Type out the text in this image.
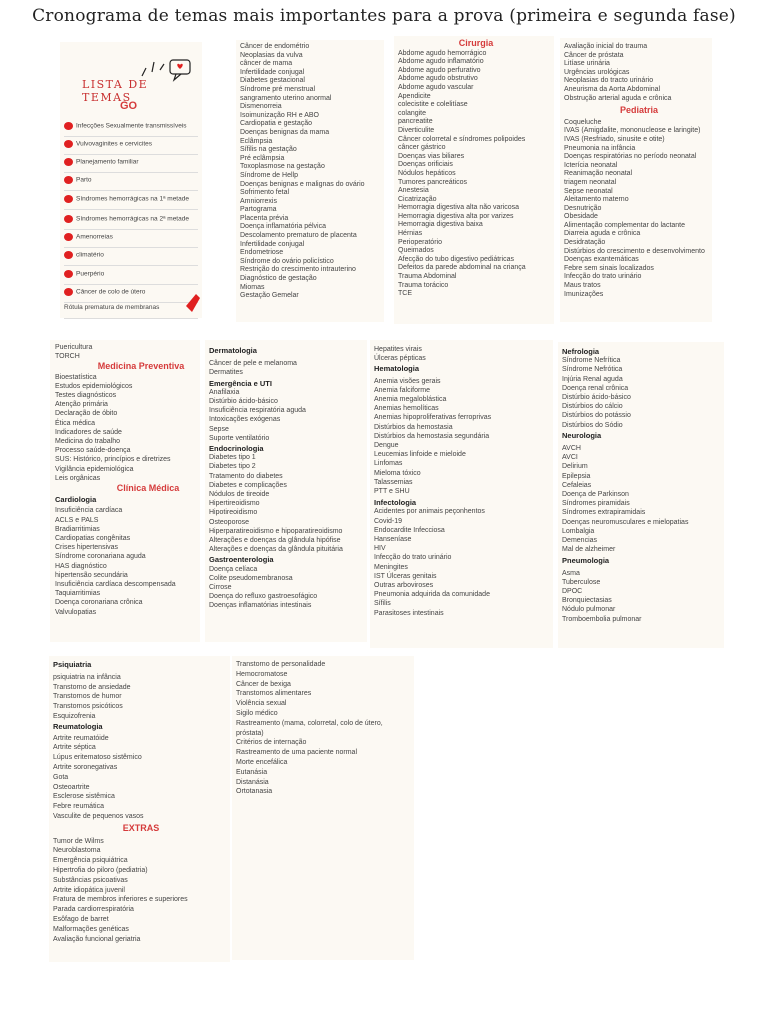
Cronograma de temas mais importantes para a prova (primeira e segunda fase)
LISTA DE TEMAS
GO
Infecções Sexualmente transmissíveis
Vulvovaginites e cervicites
Planejamento familiar
Parto
Síndromes hemorrágicas na 1ª metade
Síndromes hemorrágicas na 2ª metade
Amenorreias
climatério
Puerpério
Câncer de colo de útero
Rótula prematura de membranas
Câncer de endométrio
Neoplasias da vulva
câncer de mama
Infertilidade conjugal
Diabetes gestacional
Síndrome pré menstrual
sangramento uterino anormal
Dismenorreia
Isoimunização RH e ABO
Cardiopatia e gestação
Doenças benignas da mama
Eclâmpsia
Sífilis na gestação
Pré eclâmpsia
Toxoplasmose na gestação
Síndrome de Hellp
Doenças benignas e malignas do ovário
Sofrimento fetal
Amniorrexis
Partograma
Placenta prévia
Doença inflamatória pélvica
Descolamento prematuro de placenta
Infertilidade conjugal
Endometriose
Síndrome do ovário policístico
Restrição do crescimento intrauterino
Diagnóstico de gestação
Miomas
Gestação Gemelar
Cirurgia
Abdome agudo hemorrágico
Abdome agudo inflamatório
Abdome agudo perfurativo
Abdome agudo obstrutivo
Abdome agudo vascular
Apendicite
colecistite e colelitíase
colangite
pancreatite
Diverticulite
Câncer colorretal e síndromes polipoides
câncer gástrico
Doenças vias biliares
Doenças orificiais
Nódulos hepáticos
Tumores pancreáticos
Anestesia
Cicatrização
Hemorragia digestiva alta não varicosa
Hemorragia digestiva alta por varizes
Hemorragia digestiva baixa
Hérnias
Perioperatório
Queimados
Afecção do tubo digestivo pediátricas
Defeitos da parede abdominal na criança
Trauma Abdominal
Trauma torácico
TCE
Avaliação inicial do trauma
Câncer de próstata
Litíase urinária
Urgências urológicas
Neoplasias do tracto urinário
Aneurisma da Aorta Abdominal
Obstrução arterial aguda e crônica
Pediatria
Coqueluche
IVAS (Amigdalite, mononucleose e laringite)
IVAS (Resfriado, sinusite e otite)
Pneumonia na infância
Doenças respiratórias no período neonatal
Icterícia neonatal
Reanimação neonatal
triagem neonatal
Sepse neonatal
Aleitamento materno
Desnutrição
Obesidade
Alimentação complementar do lactante
Diarreia aguda e crônica
Desidratação
Distúrbios do crescimento e desenvolvimento
Doenças exantemáticas
Febre sem sinais localizados
Infecção do trato urinário
Maus tratos
Imunizações
Puericultura
TORCH
Medicina Preventiva
Bioestatística
Estudos epidemiológicos
Testes diagnósticos
Atenção primária
Declaração de óbito
Ética médica
Indicadores de saúde
Medicina do trabalho
Processo saúde-doença
SUS: Histórico, princípios e diretrizes
Vigilância epidemiológica
Leis orgânicas
Clínica Médica
Cardiologia
Insuficiência cardíaca
ACLS e PALS
Bradiarritimias
Cardiopatias congênitas
Crises hipertensivas
Síndrome coronariana aguda
HAS diagnóstico
hipertensão secundária
Insuficiência cardíaca descompensada
Taquiarritimias
Doença coronariana crônica
Valvulopatias
Dermatologia
Câncer de pele e melanoma
Dermatites
Emergência e UTI
Anafilaxia
Distúrbio ácido-básico
Insuficiência respiratória aguda
Intoxicações exógenas
Sepse
Suporte ventilatório
Endocrinologia
Diabetes tipo 1
Diabetes tipo 2
Tratamento do diabetes
Diabetes e complicações
Nódulos de tireoide
Hipertireoidismo
Hipotireoidismo
Osteoporose
Hiperparatireoidismo e hipoparatireoidismo
Alterações e doenças da glândula hipófise
Alterações e doenças da glândula pituitária
Gastroenterologia
Doença celíaca
Colite pseudomembranosa
Cirrose
Doença do refluxo gastroesofágico
Doenças inflamatórias intestinais
Hepatites virais
Úlceras pépticas
Hematologia
Anemia visões gerais
Anemia falciforme
Anemia megaloblástica
Anemias hemolíticas
Anemias hipoproliferativas ferroprivas
Distúrbios da hemostasia
Distúrbios da hemostasia segundária
Dengue
Leucemias linfoide e mieloide
Linfomas
Mieloma tóxico
Talassemias
PTT e SHU
Infectologia
Acidentes por animais peçonhentos
Covid-19
Endocardite Infecciosa
Hanseníase
HIV
Infecção do trato urinário
Meningites
IST Úlceras genitais
Outras arboviroses
Pneumonia adquirida da comunidade
Sífilis
Parasitoses intestinais
Nefrologia
Síndrome Nefrítica
Síndrome Nefrótica
Injúria Renal aguda
Doença renal crônica
Distúrbio ácido-básico
Distúrbios do cálcio
Distúrbios do potássio
Distúrbios do Sódio
Neurologia
AVCH
AVCI
Delirium
Epilepsia
Cefaleias
Doença de Parkinson
Síndromes piramidais
Síndromes extrapiramidais
Doenças neuromusculares e mielopatias
Lombalgia
Demencias
Mal de alzheimer
Pneumologia
Asma
Tuberculose
DPOC
Bronquiectasias
Nódulo pulmonar
Tromboembolia pulmonar
Psiquiatria
psiquiatria na infância
Transtorno de ansiedade
Transtornos de humor
Transtornos psicóticos
Esquizofrenia
Reumatologia
Artrite reumatóide
Artrite séptica
Lúpus eritematoso sistêmico
Artrite soronegativas
Gota
Osteoartrite
Esclerose sistêmica
Febre reumática
Vasculite de pequenos vasos
EXTRAS
Tumor de Wilms
Neuroblastoma
Emergência psiquiátrica
Hipertrofia do piloro (pediatria)
Substâncias psicoativas
Artrite idiopática juvenil
Fratura de membros inferiores e superiores
Parada cardiorrespiratória
Esôfago de barret
Malformações genéticas
Avaliação funcional geriatria
Transtorno de personalidade
Hemocromatose
Câncer de bexiga
Transtornos alimentares
Violência sexual
Sigilo médico
Rastreamento (mama, colorretal, colo de útero,
próstata)
Critérios de internação
Rastreamento de uma paciente normal
Morte encefálica
Eutanásia
Distanásia
Ortotanasia
